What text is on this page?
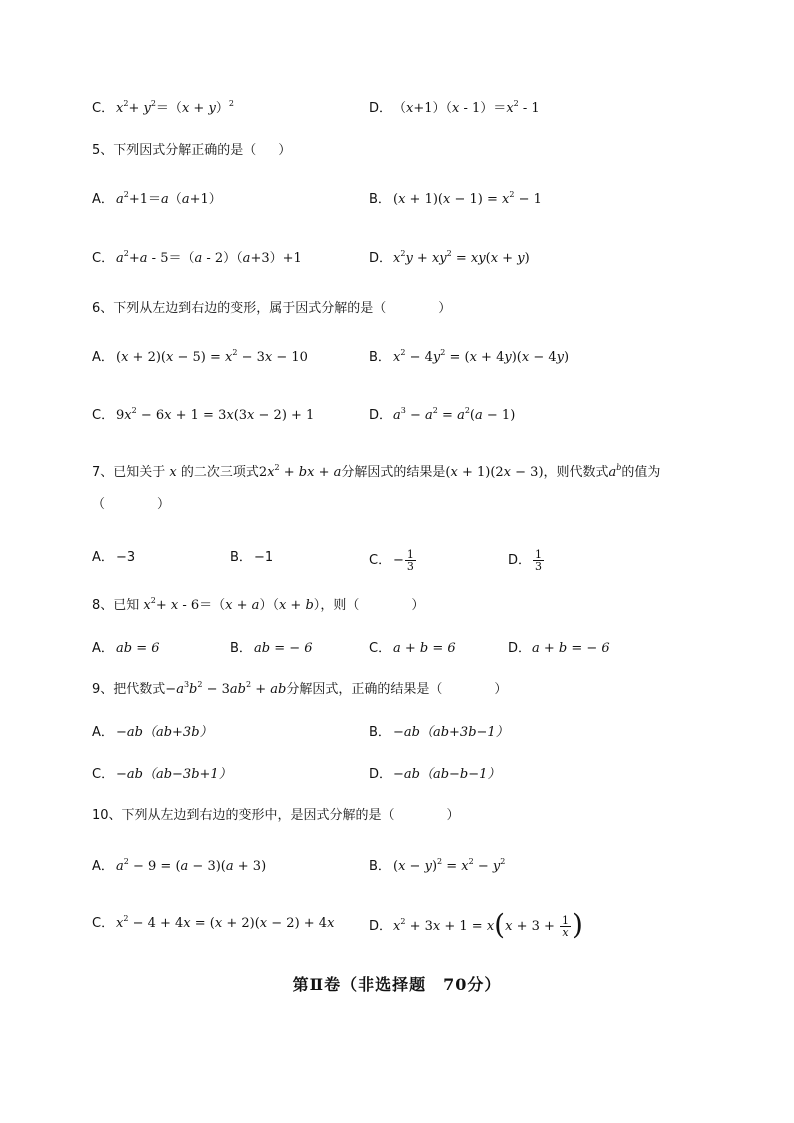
C． $x^2+ y^2=(x + y)^2$	D．$(x+1)(x - 1)=x^2 - 1$
5、下列因式分解正确的是（ ）
A． $a^2+1=a(a+1)$	B． $(x + 1)(x - 1) = x^2 - 1$
C． $a^2+a - 5=(a - 2)(a+3)+1$	D．$x^2y + xy^2 = xy(x + y)$
6、下列从左边到右边的变形，属于因式分解的是（	）
A． $(x + 2)(x - 5) = x^2 - 3x - 10$	B． $x^2 - 4y^2 = (x + 4y)(x - 4y)$
C． $9x^2 - 6x + 1 = 3x(3x - 2) + 1$	D．$a^3 - a^2 = a^2(a - 1)$
7、已知关于 x 的二次三项式$2x^2$ + bx + a分解因式的结果是(x + 1)(2x − 3)，则代数式$a^b$的值为
（	）
A． −3	B． −1	C． − $\frac{1}{3}$	D． $\frac{1}{3}$
8、已知 $x^2+ x - 6=(x + a)(x + b)$，则（	）
A． ab = 6	B． ab = − 6	C． a + b = 6	D．a + b = − 6
9、把代数式$-a^3b^2 - 3ab^2$ + ab分解因式，正确的结果是（	）
A． −ab（ab+3b）	B． −ab（ab+3b−1）
C． −ab（ab−3b+1）	D．−ab（ab−b−1）
10、下列从左边到右边的变形中，是因式分解的是（	）
A． $a^2 - 9 = (a - 3)(a + 3)$	B． $(x - y)^2 = x^2 - y^2$
C． $x^2 - 4 + 4x = (x + 2)(x - 2) + 4x$	D．$x^2 + 3x + 1 = x(x + 3 + \frac{1}{x}$ )
第Ⅱ卷（非选择题　70分）
